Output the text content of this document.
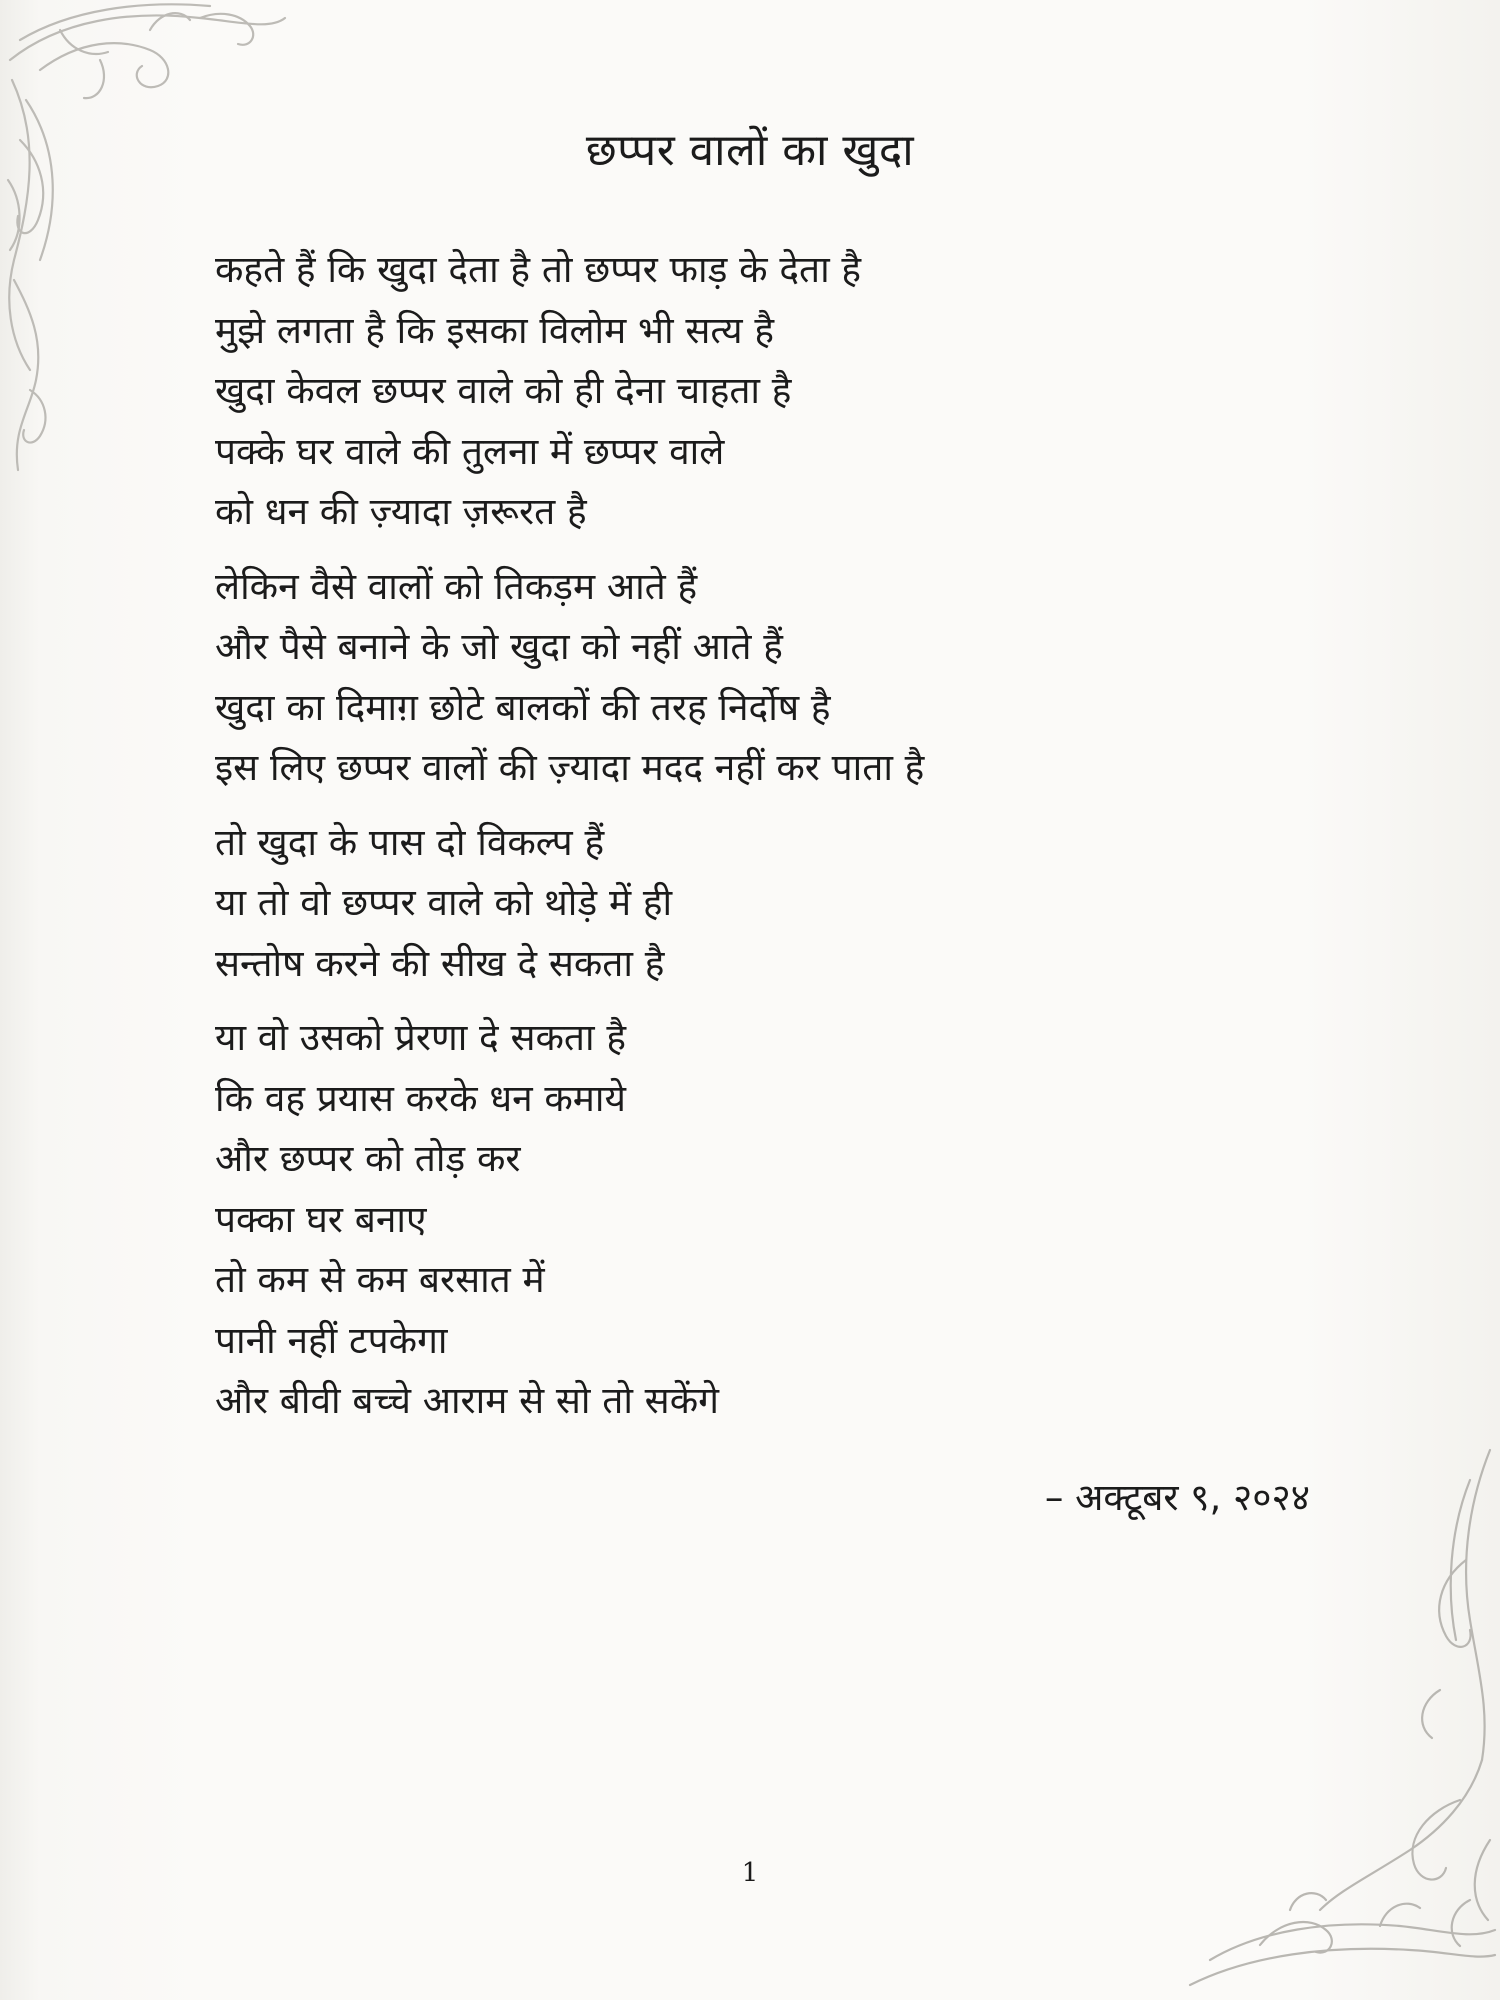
छप्पर वालों का खुदा
कहते हैं कि खुदा देता है तो छप्पर फाड़ के देता है
मुझे लगता है कि इसका विलोम भी सत्य है
खुदा केवल छप्पर वाले को ही देना चाहता है
पक्के घर वाले की तुलना में छप्पर वाले
को धन की ज़्यादा ज़रूरत है
लेकिन वैसे वालों को तिकड़म आते हैं
और पैसे बनाने के जो खुदा को नहीं आते हैं
खुदा का दिमाग़ छोटे बालकों की तरह निर्दोष है
इस लिए छप्पर वालों की ज़्यादा मदद नहीं कर पाता है
तो खुदा के पास दो विकल्प हैं
या तो वो छप्पर वाले को थोड़े में ही
सन्तोष करने की सीख दे सकता है
या वो उसको प्रेरणा दे सकता है
कि वह प्रयास करके धन कमाये
और छप्पर को तोड़ कर
पक्का घर बनाए
तो कम से कम बरसात में
पानी नहीं टपकेगा
और बीवी बच्चे आराम से सो तो सकेंगे
– अक्टूबर ९, २०२४
1
